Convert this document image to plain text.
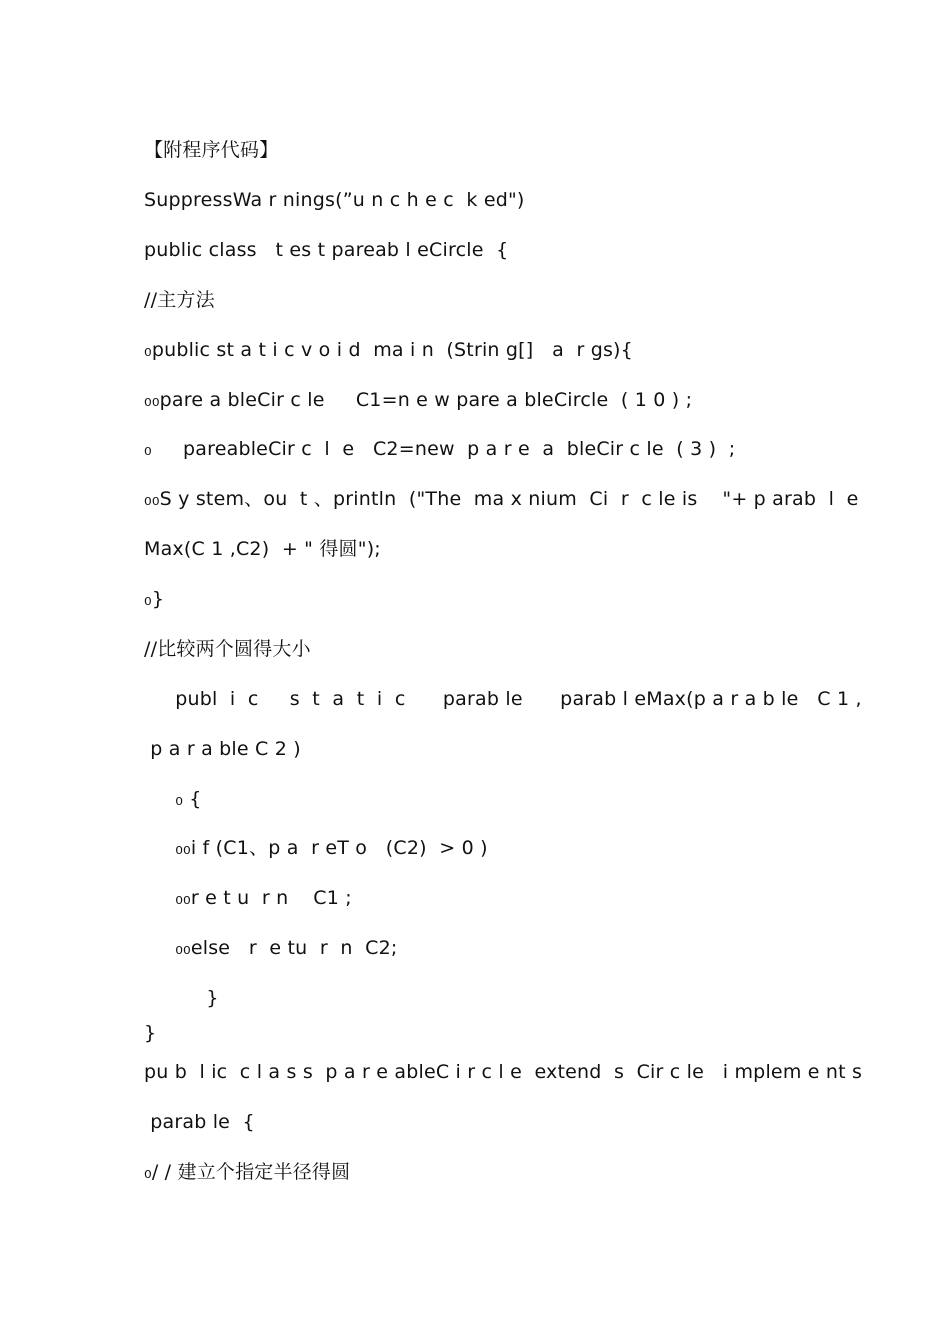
【附程序代码】
SuppressWa r nings(”u n c h e c  k ed")
public class   t es t pareab l eCircle  {
//主方法
₀public st a t i c v o i d  ma i n  (Strin g[]   a  r gs){
₀₀pare a bleCir c le     C1=n e w pare a bleCircle  ( 1 0 ) ;
₀     pareableCir c  l  e   C2=new  p a r e  a  bleCir c le  ( 3 )  ;
₀₀S y stem、ou  t 、println  ("The  ma x nium  Ci  r  c le is    "+ p arab  l  e
Max(C 1 ,C2)  + " 得圆");
₀}
//比较两个圆得大小
publ  i  c     s  t  a  t  i  c      parab le      parab l eMax(p a r a b le   C 1 ,
p a r a ble C 2 )
₀ {
₀₀i f (C1、p a  r eT o   (C2)  > 0 )
₀₀r e t u  r n    C1 ;
₀₀else   r  e tu  r  n  C2;
}
}
pu b  l ic  c l a s s  p a r e ableC i r c l e  extend  s  Cir c le   i mplem e nt s
parab le  {
₀/ / 建立个指定半径得圆
